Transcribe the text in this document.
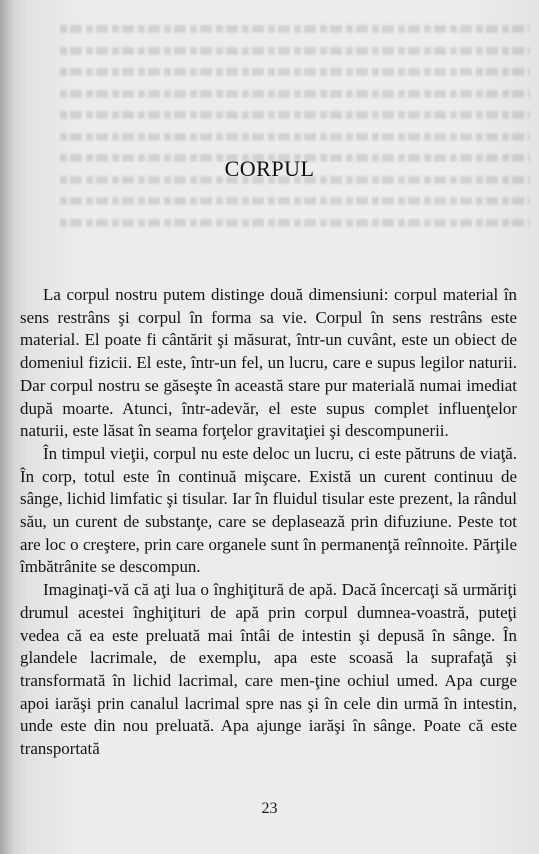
CORPUL

La corpul nostru putem distinge două dimensiuni: corpul material în sens restrâns şi corpul în forma sa vie. Corpul în sens restrâns este material. El poate fi cântărit şi măsurat, într-un cuvânt, este un obiect de domeniul fizicii. El este, într-un fel, un lucru, care e supus legilor naturii. Dar corpul nostru se găseşte în această stare pur materială numai imediat după moarte. Atunci, într-adevăr, el este supus complet influenţelor naturii, este lăsat în seama forţelor gravitaţiei şi descompunerii.

În timpul vieţii, corpul nu este deloc un lucru, ci este pătruns de viaţă. În corp, totul este în continuă mişcare. Există un curent continuu de sânge, lichid limfatic şi tisular. Iar în fluidul tisular este prezent, la rândul său, un curent de substanţe, care se deplasează prin difuziune. Peste tot are loc o creştere, prin care organele sunt în permanenţă reînnoite. Părţile îmbătrânite se descompun.

Imaginaţi-vă că aţi lua o înghiţitură de apă. Dacă încercaţi să urmăriţi drumul acestei înghiţituri de apă prin corpul dumnea-voastră, puteţi vedea că ea este preluată mai întâi de intestin şi depusă în sânge. În glandele lacrimale, de exemplu, apa este scoasă la suprafaţă şi transformată în lichid lacrimal, care men-ţine ochiul umed. Apa curge apoi iarăşi prin canalul lacrimal spre nas şi în cele din urmă în intestin, unde este din nou preluată. Apa ajunge iarăşi în sânge. Poate că este transportată

23
